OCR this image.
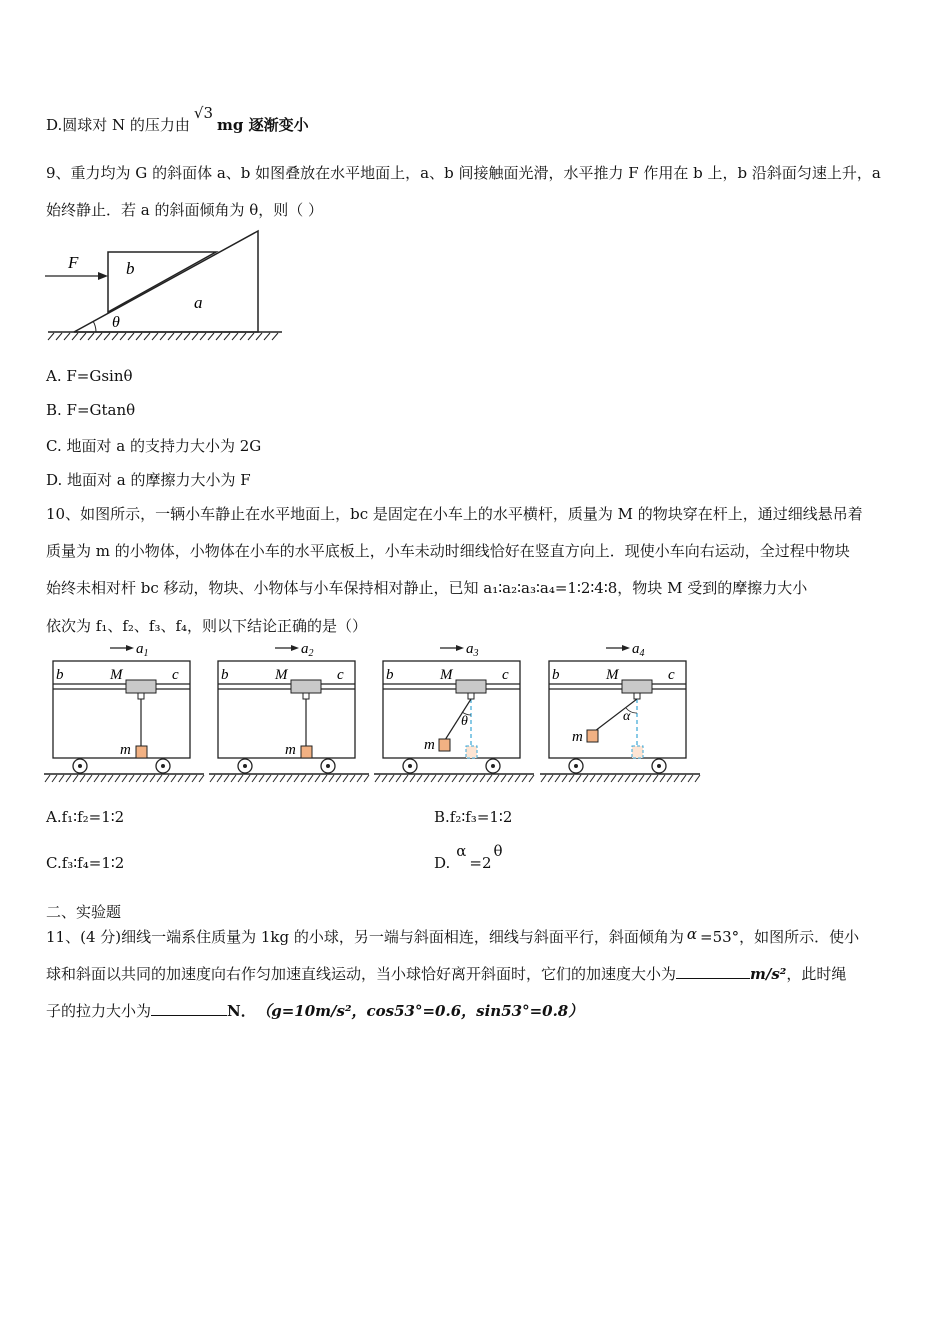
D.圆球对 N 的压力由√3mg 逐渐变小
9、重力均为 G 的斜面体 a、b 如图叠放在水平地面上，a、b 间接触面光滑，水平推力 F 作用在 b 上，b 沿斜面匀速上升，a
始终静止．若 a 的斜面倾角为 θ，则（ ）
F	b
a
θ
A. F=Gsinθ
B. F=Gtanθ
C. 地面对 a 的支持力大小为 2G
D. 地面对 a 的摩擦力大小为 F
10、如图所示，一辆小车静止在水平地面上，bc 是固定在小车上的水平横杆，质量为 M 的物块穿在杆上，通过细线悬吊着
质量为 m 的小物体，小物体在小车的水平底板上，小车未动时细线恰好在竖直方向上．现使小车向右运动，全过程中物块
始终未相对杆 bc 移动，物块、小物体与小车保持相对静止，已知 a₁∶a₂∶a₃∶a₄=1∶2∶4∶8，物块 M 受到的摩擦力大小
依次为 f₁、f₂、f₃、f₄，则以下结论正确的是（）
$a_1$
b	M	c
m
$a_2$
b	M	c
m
θ
$a_3$
b	M	c
m
α
$a_4$
b	M	c
m
A.f₁∶f₂=1∶2	B.f₂∶f₃=1∶2
C.f₃∶f₄=1∶2	D.α=2θ
二、实验题
11、(4 分)细线一端系住质量为 1kg 的小球，另一端与斜面相连，细线与斜面平行，斜面倾角为 α =53°，如图所示．使小
球和斜面以共同的加速度向右作匀加速直线运动，当小球恰好离开斜面时，它们的加速度大小为	m/s²，此时绳
子的拉力大小为	N． （g=10m/s²，cos53°=0.6，sin53°=0.8）
